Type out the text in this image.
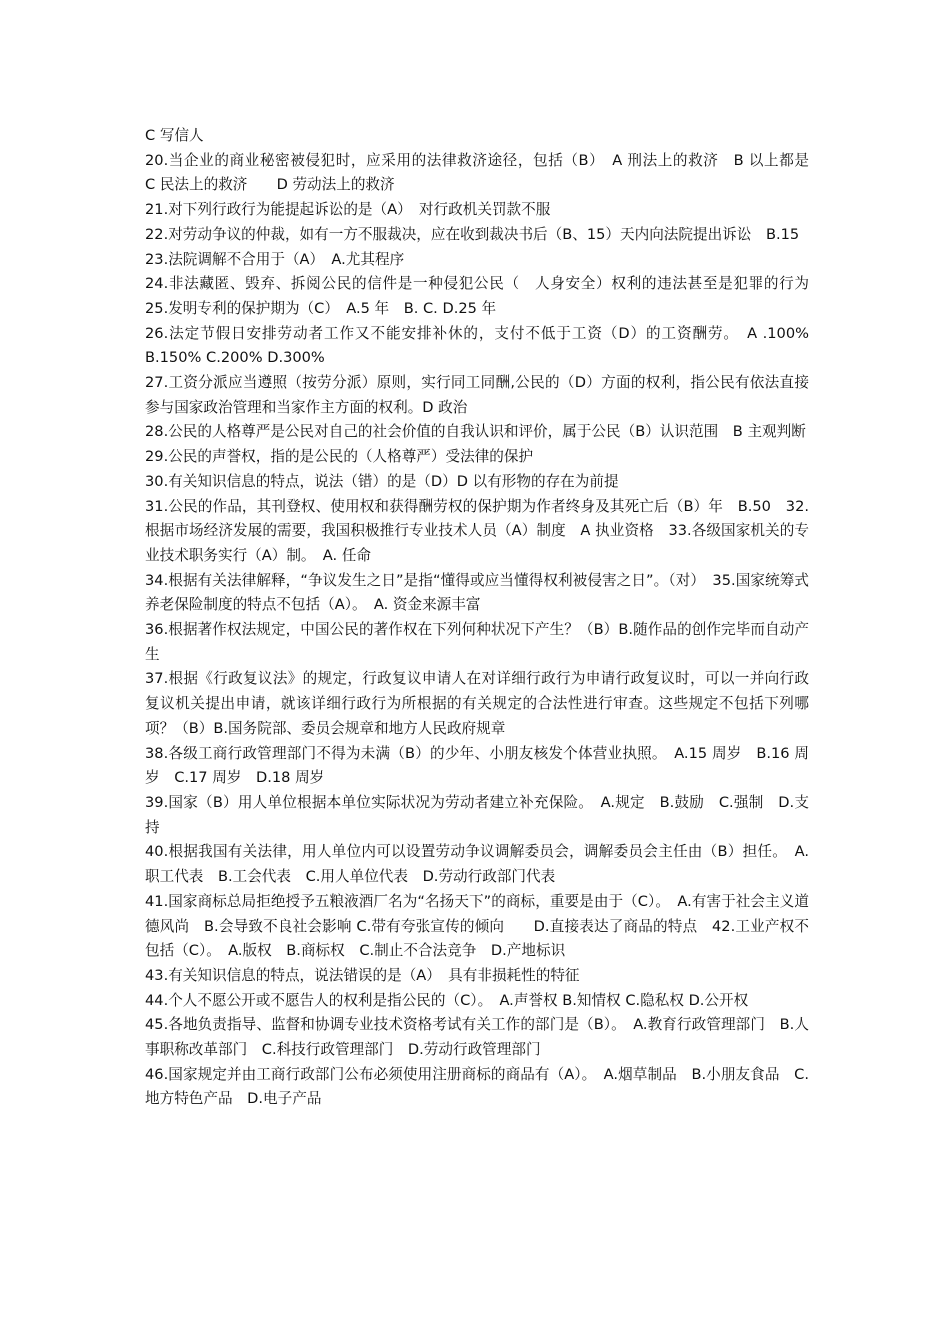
C 写信人

20.当企业的商业秘密被侵犯时，应采用的法律救济途径，包括（B）　A 刑法上的救济　B 以上都是　　C 民法上的救济　　D 劳动法上的救济

21.对下列行政行为能提起诉讼的是（A）　对行政机关罚款不服

22.对劳动争议的仲裁，如有一方不服裁决，应在收到裁决书后（B、15）天内向法院提出诉讼　B.15

23.法院调解不合用于（A）　A.尤其程序

24.非法藏匿、毁弃、拆阅公民的信件是一种侵犯公民（　人身安全）权利的违法甚至是犯罪的行为　25.发明专利的保护期为（C）　A.5 年　B. C. D.25 年

26.法定节假日安排劳动者工作又不能安排补休的，支付不低于工资（D）的工资酬劳。　A .100% B.150% C.200% D.300%

27.工资分派应当遵照（按劳分派）原则，实行同工同酬,公民的（D）方面的权利，指公民有依法直接参与国家政治管理和当家作主方面的权利。D 政治

28.公民的人格尊严是公民对自己的社会价值的自我认识和评价，属于公民（B）认识范围　B 主观判断

29.公民的声誉权，指的是公民的（人格尊严）受法律的保护

30.有关知识信息的特点，说法（错）的是（D）D 以有形物的存在为前提

31.公民的作品，其刊登权、使用权和获得酬劳权的保护期为作者终身及其死亡后（B）年　B.50　32.根据市场经济发展的需要，我国积极推行专业技术人员（A）制度　A 执业资格　33.各级国家机关的专业技术职务实行（A）制。　A. 任命

34.根据有关法律解释，“争议发生之日”是指“懂得或应当懂得权利被侵害之日”。（对）　35.国家统筹式养老保险制度的特点不包括（A）。　A. 资金来源丰富

36.根据著作权法规定，中国公民的著作权在下列何种状况下产生？（B）B.随作品的创作完毕而自动产生

37.根据《行政复议法》的规定，行政复议申请人在对详细行政行为申请行政复议时，可以一并向行政复议机关提出申请，就该详细行政行为所根据的有关规定的合法性进行审查。这些规定不包括下列哪项？（B）B.国务院部、委员会规章和地方人民政府规章

38.各级工商行政管理部门不得为未满（B）的少年、小朋友核发个体营业执照。　A.15 周岁　B.16 周岁　C.17 周岁　D.18 周岁

39.国家（B）用人单位根据本单位实际状况为劳动者建立补充保险。　A.规定　B.鼓励　C.强制　D.支持

40.根据我国有关法律，用人单位内可以设置劳动争议调解委员会，调解委员会主任由（B）担任。　A.职工代表　B.工会代表　C.用人单位代表　D.劳动行政部门代表

41.国家商标总局拒绝授予五粮液酒厂名为“名扬天下”的商标，重要是由于（C）。　A.有害于社会主义道德风尚　B.会导致不良社会影响 C.带有夸张宣传的倾向　　D.直接表达了商品的特点　42.工业产权不包括（C）。　A.版权　B.商标权　C.制止不合法竞争　D.产地标识

43.有关知识信息的特点，说法错误的是（A）　具有非损耗性的特征

44.个人不愿公开或不愿告人的权利是指公民的（C）。　A.声誉权 B.知情权 C.隐私权 D.公开权

45.各地负责指导、监督和协调专业技术资格考试有关工作的部门是（B）。　A.教育行政管理部门　B.人事职称改革部门　C.科技行政管理部门　D.劳动行政管理部门

46.国家规定并由工商行政部门公布必须使用注册商标的商品有（A）。　A.烟草制品　B.小朋友食品　C.地方特色产品　D.电子产品
